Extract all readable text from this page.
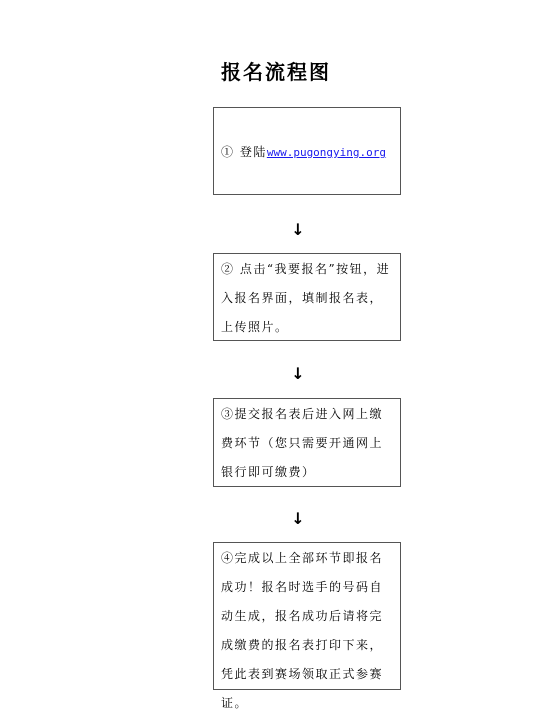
报名流程图
① 登陆www.pugongying.org
↓
② 点击“我要报名”按钮，进入报名界面，填制报名表，上传照片。
↓
③提交报名表后进入网上缴费环节（您只需要开通网上银行即可缴费）
↓
④完成以上全部环节即报名成功！报名时选手的号码自动生成，报名成功后请将完成缴费的报名表打印下来，凭此表到赛场领取正式参赛证。
